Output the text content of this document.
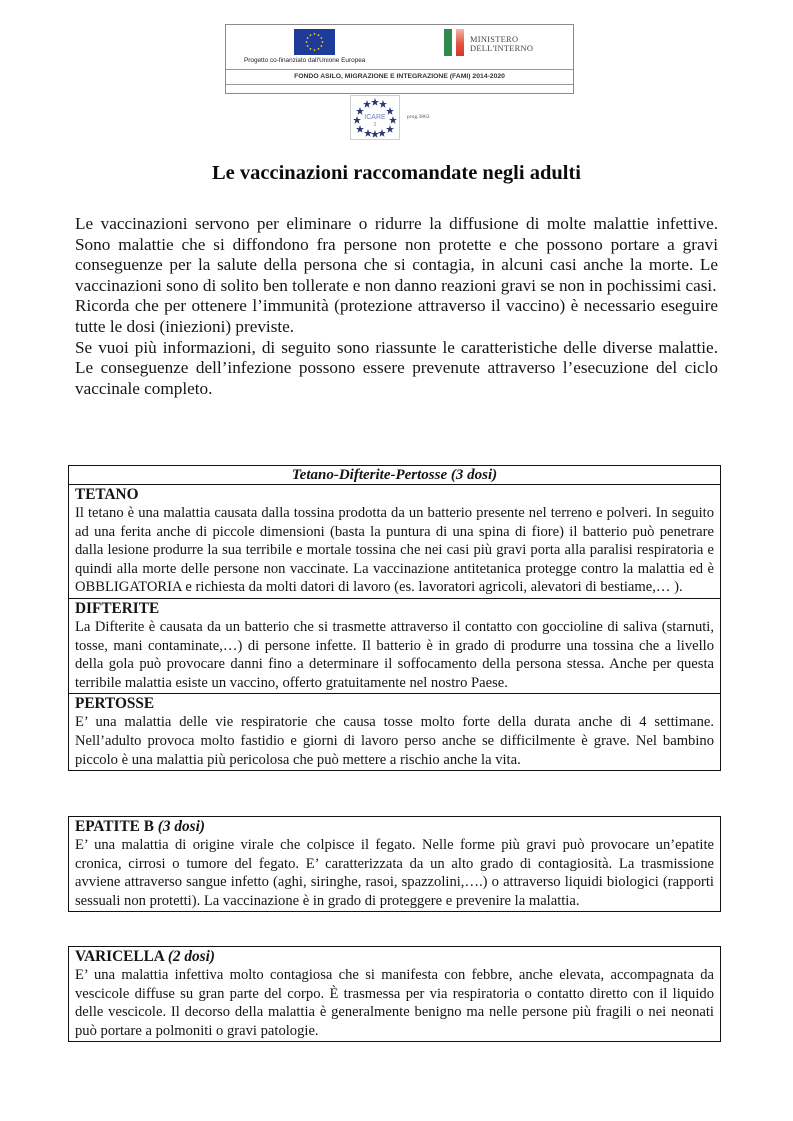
Progetto co-finanziato dall'Unione Europea
MINISTERO
DELL'INTERNO
FONDO ASILO, MIGRAZIONE E INTEGRAZIONE (FAMI) 2014-2020
ICARE
2
prog.3863
Le vaccinazioni raccomandate negli adulti

Le vaccinazioni servono per eliminare o ridurre la diffusione di molte malattie infettive. Sono malattie che si diffondono fra persone non protette e che possono portare a gravi conseguenze per la salute della persona che si contagia, in alcuni casi anche la morte. Le vaccinazioni sono di solito ben tollerate e non danno reazioni gravi se non in pochissimi casi.

Ricorda che per ottenere l’immunità (protezione attraverso il vaccino) è necessario eseguire tutte le dosi (iniezioni) previste.

Se vuoi più informazioni, di seguito sono riassunte le caratteristiche delle diverse malattie. Le conseguenze dell’infezione possono essere prevenute attraverso l’esecuzione del ciclo vaccinale completo.

Tetano-Difterite-Pertosse (3 dosi)
TETANO
Il tetano è una malattia causata dalla tossina prodotta da un batterio presente nel terreno e polveri. In seguito ad una ferita anche di piccole dimensioni (basta la puntura di una spina di fiore) il batterio può penetrare dalla lesione produrre la sua terribile e mortale tossina che nei casi più gravi porta alla paralisi respiratoria e quindi alla morte delle persone non vaccinate. La vaccinazione antitetanica protegge contro la malattia ed è OBBLIGATORIA e richiesta da molti datori di lavoro (es. lavoratori agricoli, alevatori di bestiame,… ).
DIFTERITE
La Difterite è causata da un batterio che si trasmette attraverso il contatto con goccioline di saliva (starnuti, tosse, mani contaminate,…) di persone infette. Il batterio è in grado di produrre una tossina che a livello della gola può provocare danni fino a determinare il soffocamento della persona stessa. Anche per questa terribile malattia esiste un vaccino, offerto gratuitamente nel nostro Paese.
PERTOSSE
E’ una malattia delle vie respiratorie che causa tosse molto forte della durata anche di 4 settimane. Nell’adulto provoca molto fastidio e giorni di lavoro perso anche se difficilmente è grave. Nel bambino piccolo è una malattia più pericolosa che può mettere a rischio anche la vita.
EPATITE B (3 dosi)
E’ una malattia di origine virale che colpisce il fegato. Nelle forme più gravi può provocare un’epatite cronica, cirrosi o tumore del fegato. E’ caratterizzata da un alto grado di contagiosità. La trasmissione avviene attraverso sangue infetto (aghi, siringhe, rasoi, spazzolini,….) o attraverso liquidi biologici (rapporti sessuali non protetti). La vaccinazione è in grado di proteggere e prevenire la malattia.
VARICELLA (2 dosi)
E’ una malattia infettiva molto contagiosa che si manifesta con febbre, anche elevata, accompagnata da vescicole diffuse su gran parte del corpo. È trasmessa per via respiratoria o contatto diretto con il liquido delle vescicole. Il decorso della malattia è generalmente benigno ma nelle persone più fragili o nei neonati può portare a polmoniti o gravi patologie.
